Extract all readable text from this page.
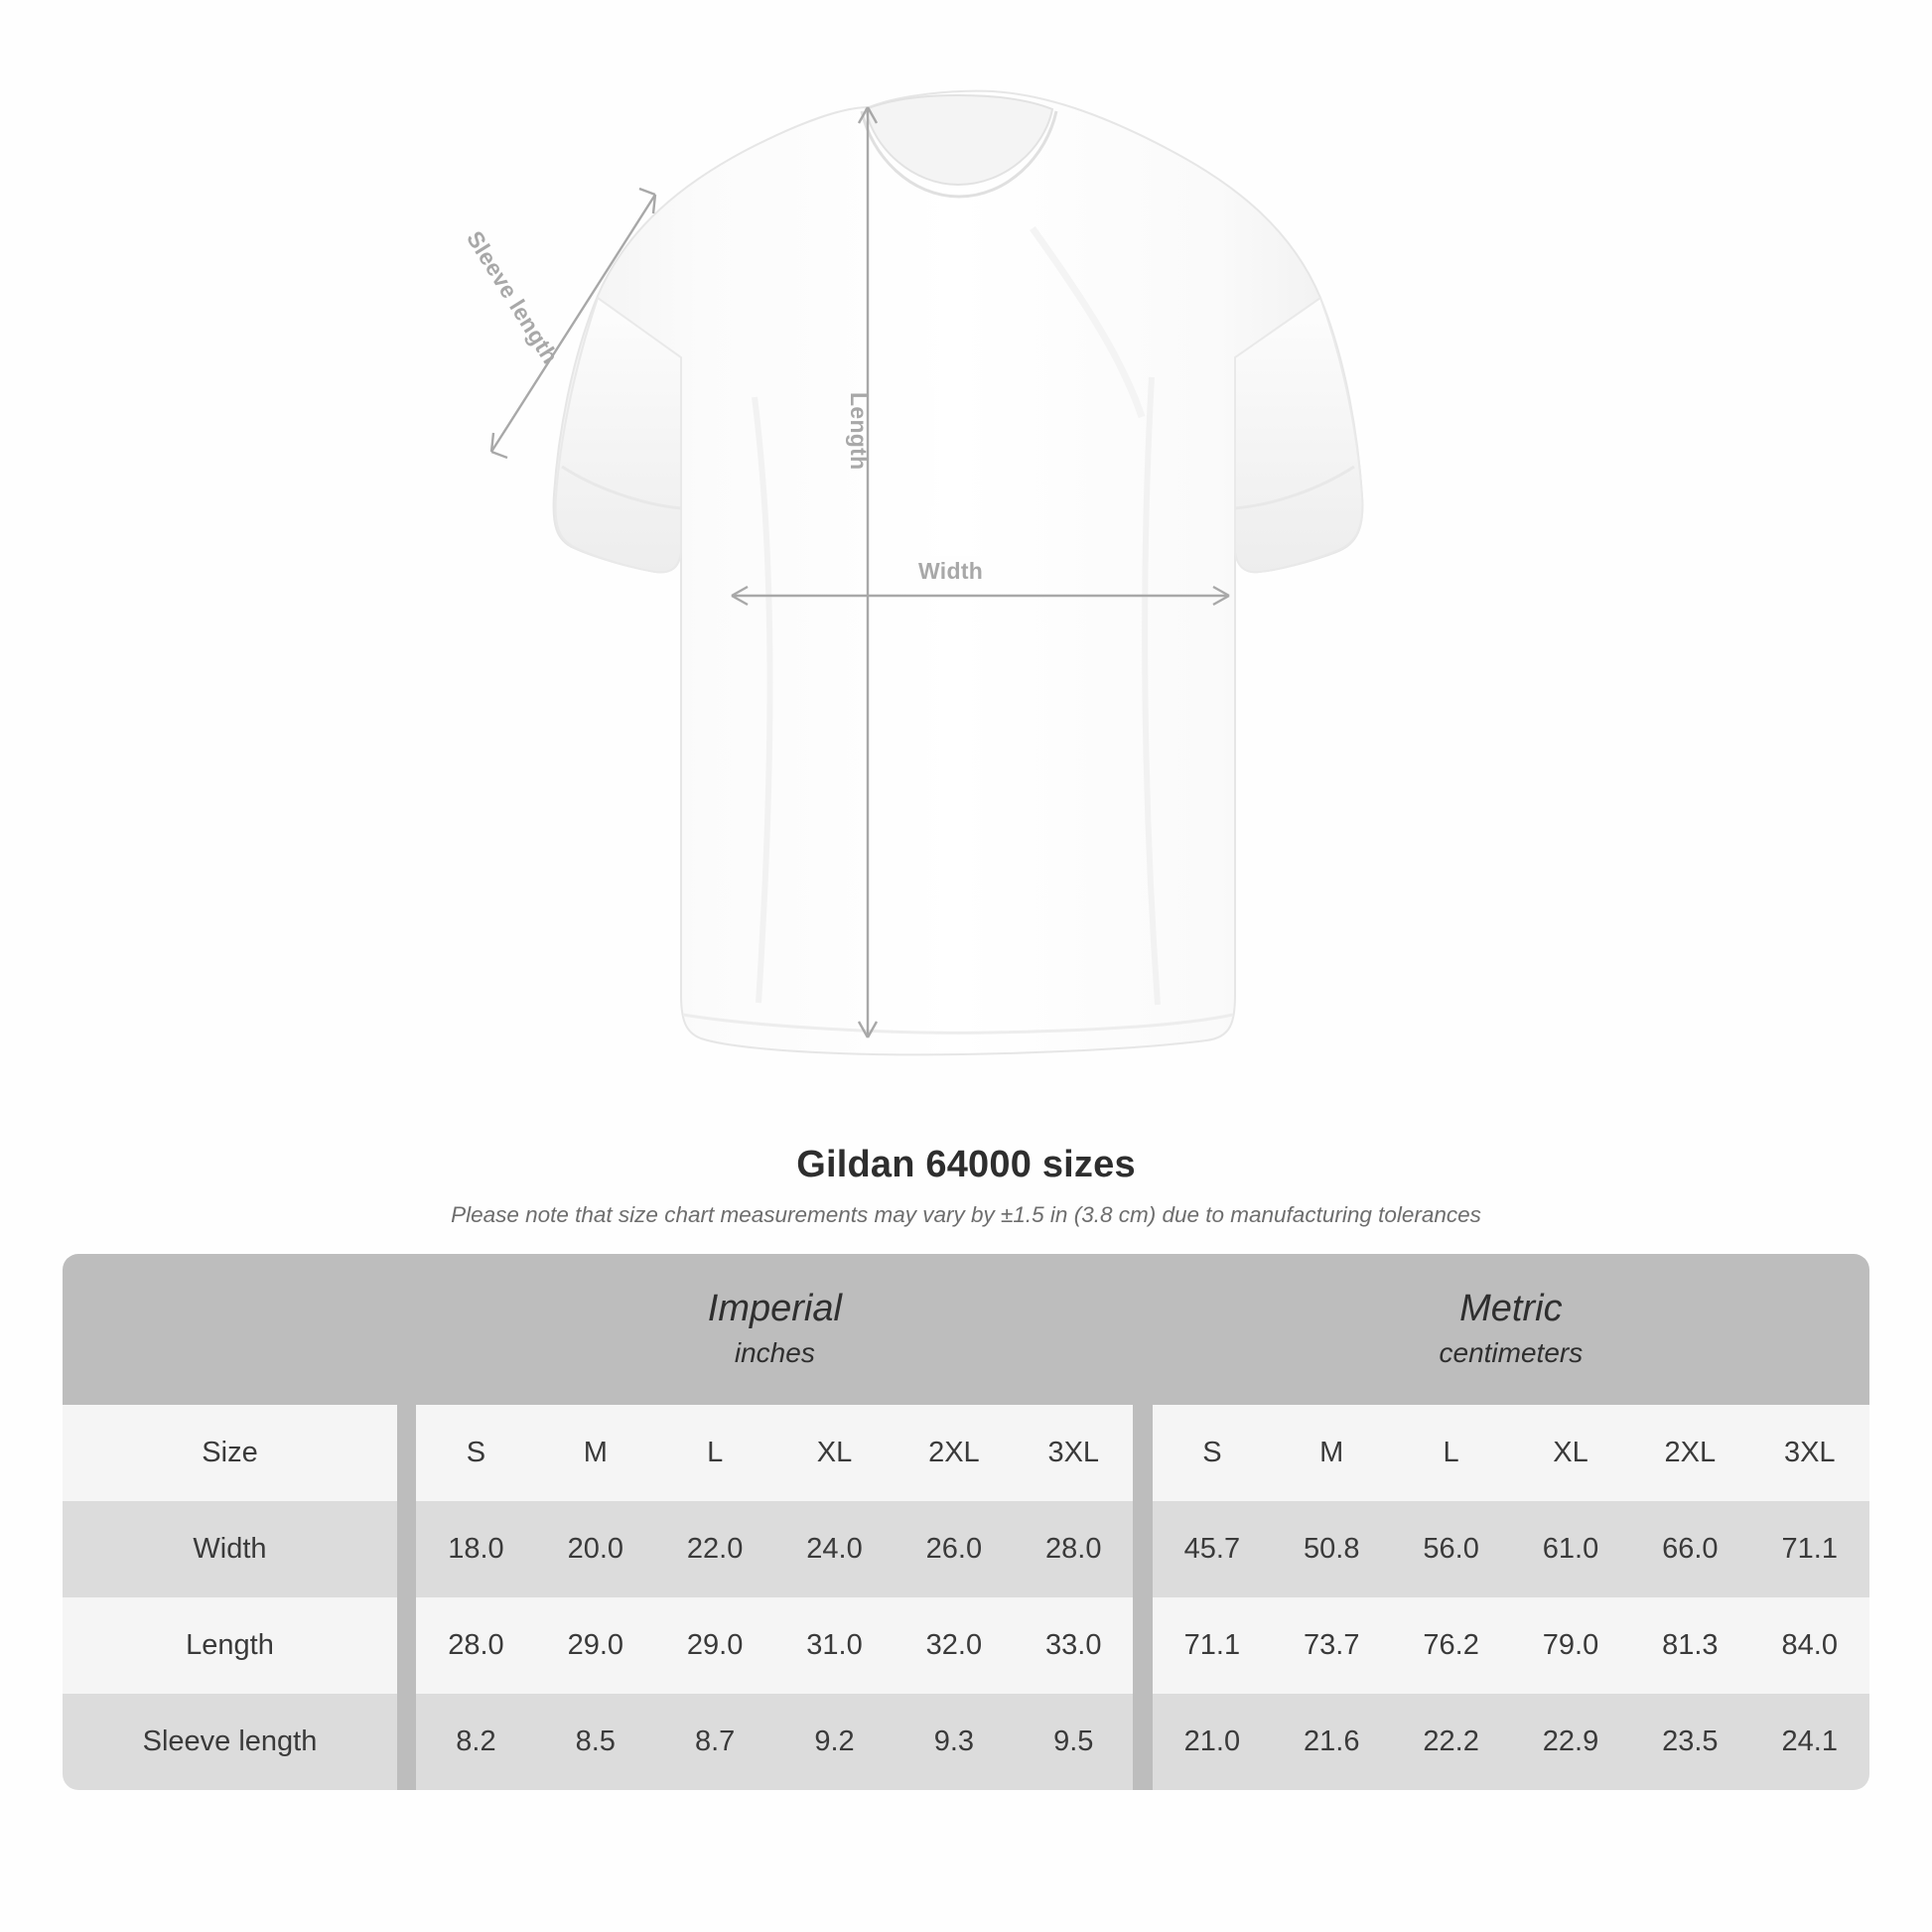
Width
Length
Sleeve length
Gildan 64000 sizes
Please note that size chart measurements may vary by ±1.5 in (3.8 cm) due to manufacturing tolerances

Imperial
inches

Metric
centimeters

Size		S	M	L	XL	2XL	3XL		S	M	L	XL	2XL	3XL
Width		18.0	20.0	22.0	24.0	26.0	28.0		45.7	50.8	56.0	61.0	66.0	71.1
Length		28.0	29.0	29.0	31.0	32.0	33.0		71.1	73.7	76.2	79.0	81.3	84.0
Sleeve length		8.2	8.5	8.7	9.2	9.3	9.5		21.0	21.6	22.2	22.9	23.5	24.1
